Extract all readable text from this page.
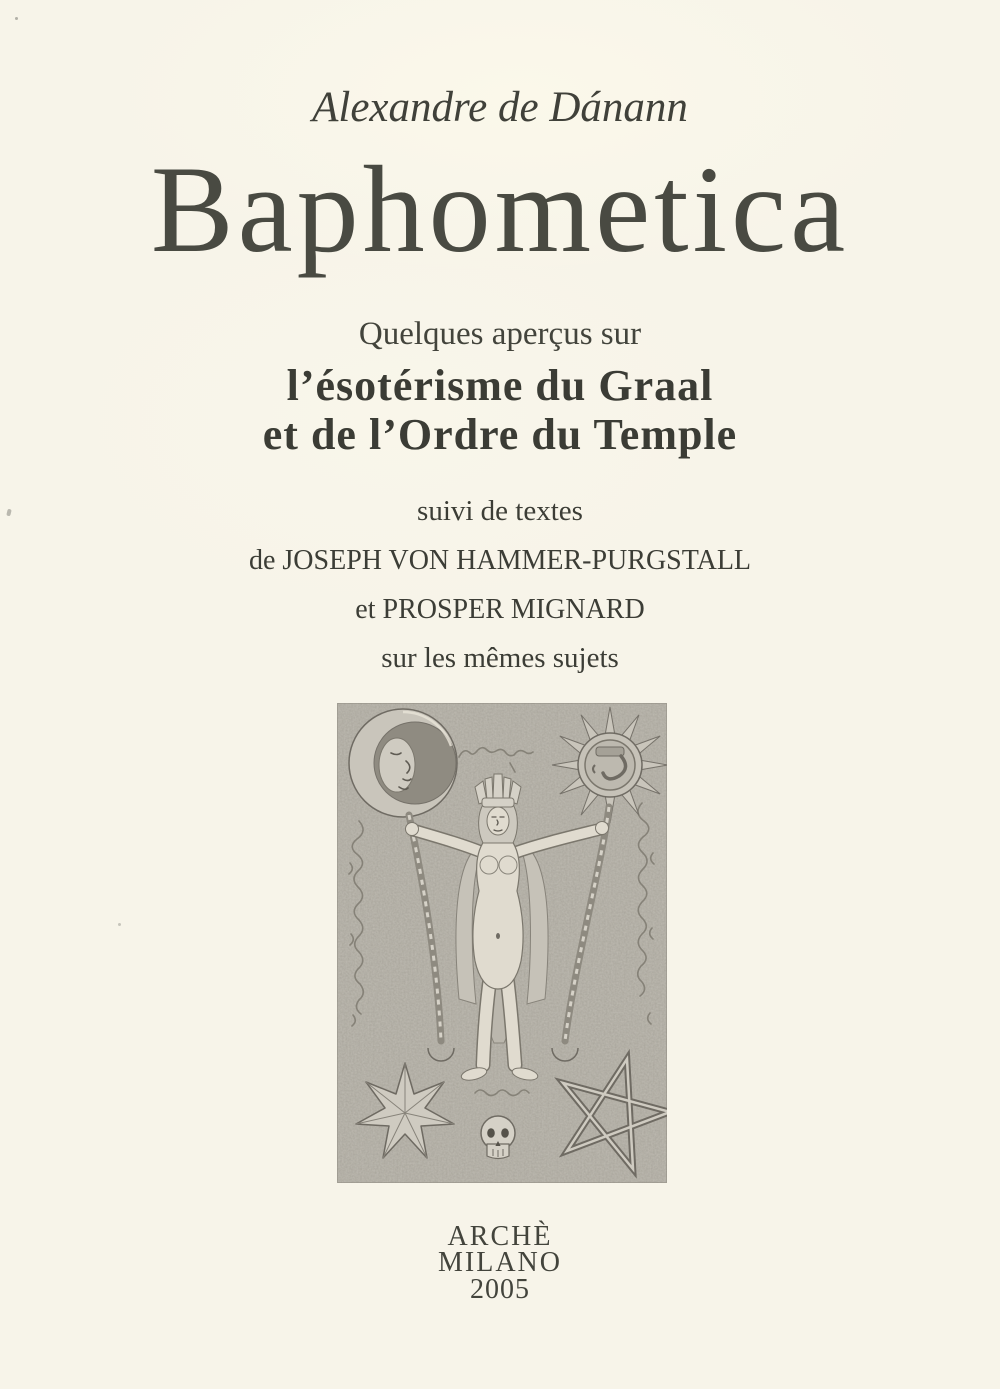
Alexandre de Dánann
Baphometica
Quelques aperçus sur
l’ésotérisme du Graal
et de l’Ordre du Temple
suivi de textes
de JOSEPH VON HAMMER-PURGSTALL
et PROSPER MIGNARD
sur les mêmes sujets
ARCHÈ
MILANO
2005
